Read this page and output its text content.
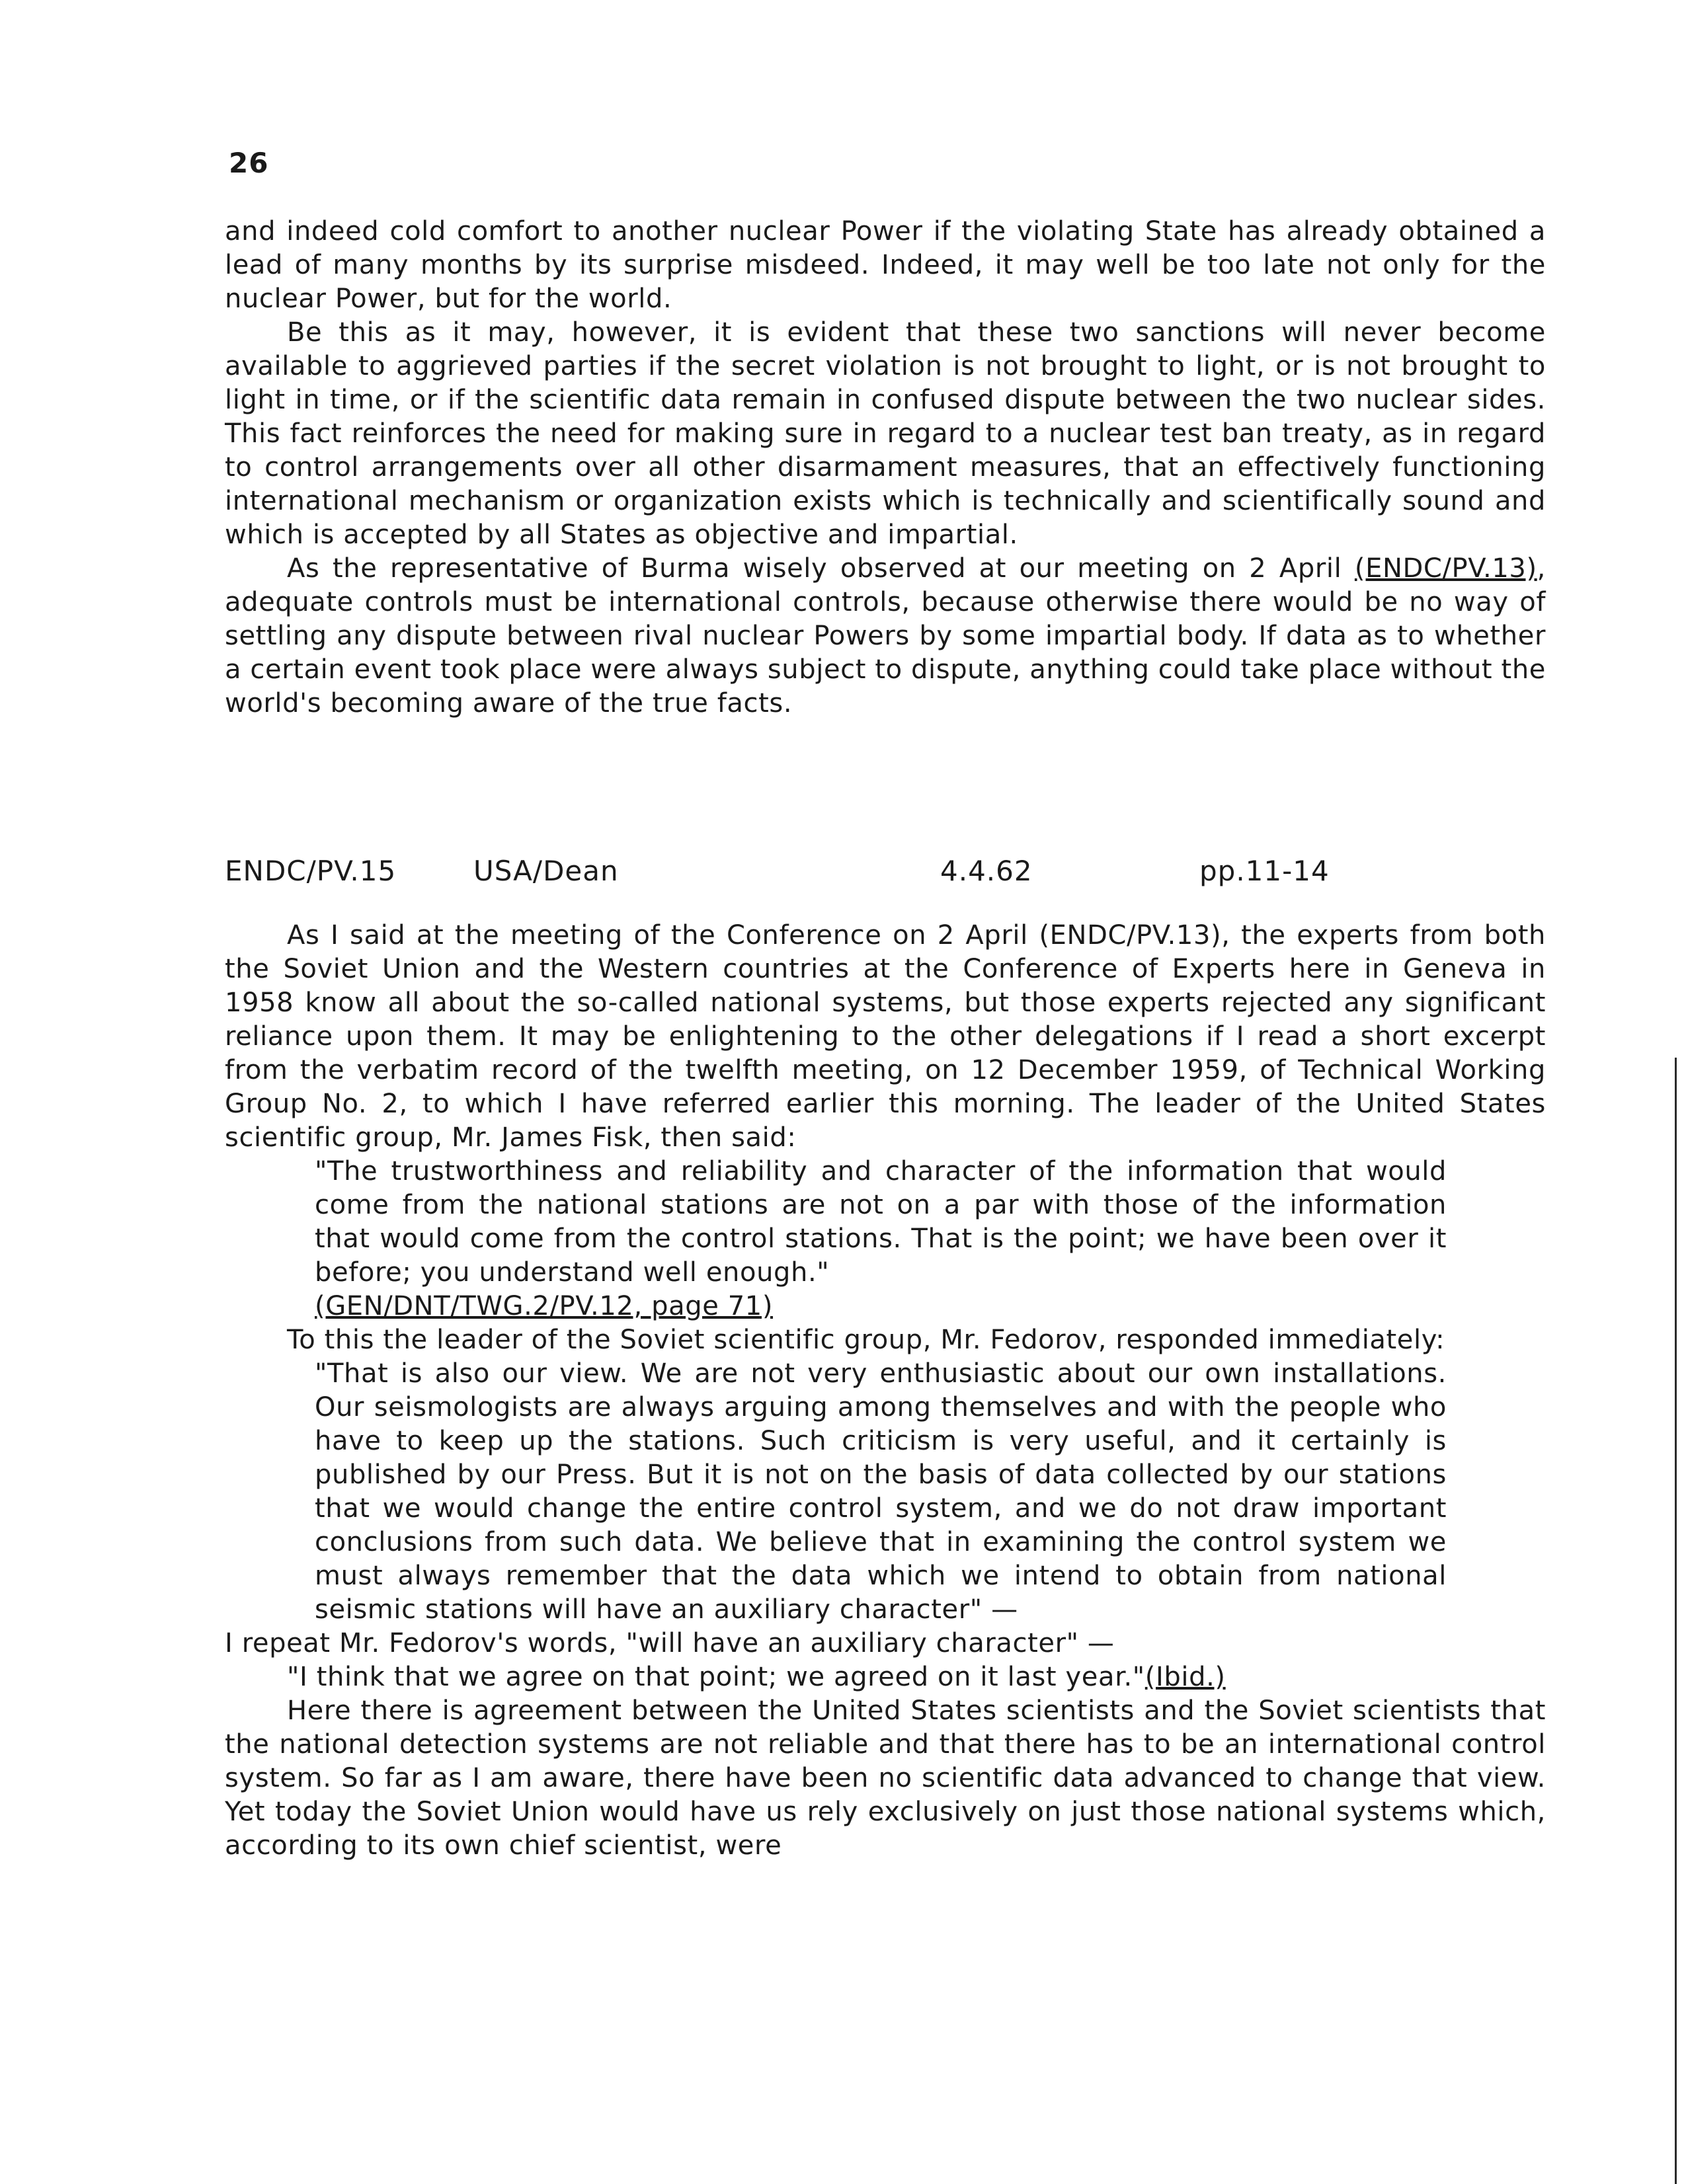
26

and indeed cold comfort to another nuclear Power if the violating State has already obtained a lead of many months by its surprise misdeed. Indeed, it may well be too late not only for the nuclear Power, but for the world.

Be this as it may, however, it is evident that these two sanctions will never become available to aggrieved parties if the secret violation is not brought to light, or is not brought to light in time, or if the scientific data remain in confused dispute between the two nuclear sides. This fact reinforces the need for making sure in regard to a nuclear test ban treaty, as in regard to control arrangements over all other disarmament measures, that an effectively functioning international mechanism or organization exists which is technically and scientifically sound and which is accepted by all States as objective and impartial.

As the representative of Burma wisely observed at our meeting on 2 April (ENDC/PV.13), adequate controls must be international controls, because otherwise there would be no way of settling any dispute between rival nuclear Powers by some impartial body. If data as to whether a certain event took place were always subject to dispute, anything could take place without the world's becoming aware of the true facts.

ENDC/PV.15	USA/Dean	4.4.62	pp.11-14

As I said at the meeting of the Conference on 2 April (ENDC/PV.13), the experts from both the Soviet Union and the Western countries at the Conference of Experts here in Geneva in 1958 know all about the so-called national systems, but those experts rejected any significant reliance upon them. It may be enlightening to the other delegations if I read a short excerpt from the verbatim record of the twelfth meeting, on 12 December 1959, of Technical Working Group No. 2, to which I have referred earlier this morning. The leader of the United States scientific group, Mr. James Fisk, then said:

"The trustworthiness and reliability and character of the information that would come from the national stations are not on a par with those of the information that would come from the control stations. That is the point; we have been over it before; you understand well enough."

(GEN/DNT/TWG.2/PV.12, page 71)

To this the leader of the Soviet scientific group, Mr. Fedorov, responded immediately:

"That is also our view. We are not very enthusiastic about our own installations. Our seismologists are always arguing among themselves and with the people who have to keep up the stations. Such criticism is very useful, and it certainly is published by our Press. But it is not on the basis of data collected by our stations that we would change the entire control system, and we do not draw important conclusions from such data. We believe that in examining the control system we must always remember that the data which we intend to obtain from national seismic stations will have an auxiliary character" —

I repeat Mr. Fedorov's words, "will have an auxiliary character" —

"I think that we agree on that point; we agreed on it last year."(Ibid.)

Here there is agreement between the United States scientists and the Soviet scientists that the national detection systems are not reliable and that there has to be an international control system. So far as I am aware, there have been no scientific data advanced to change that view. Yet today the Soviet Union would have us rely exclusively on just those national systems which, according to its own chief scientist, were
